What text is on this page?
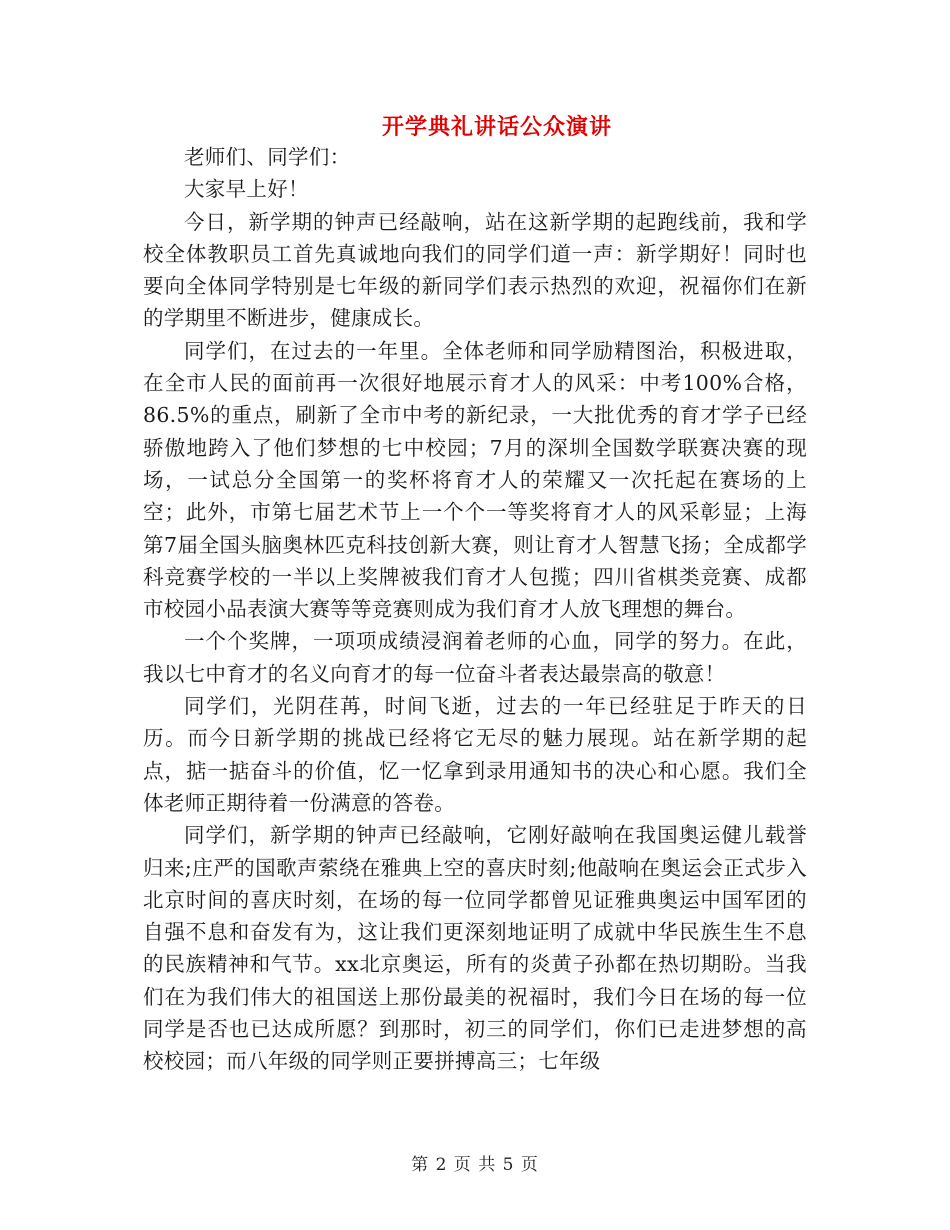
开学典礼讲话公众演讲

老师们、同学们：

大家早上好！

今日，新学期的钟声已经敲响，站在这新学期的起跑线前，我和学校全体教职员工首先真诚地向我们的同学们道一声：新学期好！同时也要向全体同学特别是七年级的新同学们表示热烈的欢迎，祝福你们在新的学期里不断进步，健康成长。

同学们，在过去的一年里。全体老师和同学励精图治，积极进取，在全市人民的面前再一次很好地展示育才人的风采：中考100%合格，86.5%的重点，刷新了全市中考的新纪录，一大批优秀的育才学子已经骄傲地跨入了他们梦想的七中校园；7月的深圳全国数学联赛决赛的现场，一试总分全国第一的奖杯将育才人的荣耀又一次托起在赛场的上空；此外，市第七届艺术节上一个个一等奖将育才人的风采彰显；上海第7届全国头脑奥林匹克科技创新大赛，则让育才人智慧飞扬；全成都学科竞赛学校的一半以上奖牌被我们育才人包揽；四川省棋类竞赛、成都市校园小品表演大赛等等竞赛则成为我们育才人放飞理想的舞台。

一个个奖牌，一项项成绩浸润着老师的心血，同学的努力。在此，我以七中育才的名义向育才的每一位奋斗者表达最崇高的敬意！

同学们，光阴荏苒，时间飞逝，过去的一年已经驻足于昨天的日历。而今日新学期的挑战已经将它无尽的魅力展现。站在新学期的起点，掂一掂奋斗的价值，忆一忆拿到录用通知书的决心和心愿。我们全体老师正期待着一份满意的答卷。

同学们，新学期的钟声已经敲响，它刚好敲响在我国奥运健儿载誉归来;庄严的国歌声萦绕在雅典上空的喜庆时刻;他敲响在奥运会正式步入北京时间的喜庆时刻，在场的每一位同学都曾见证雅典奥运中国军团的自强不息和奋发有为，这让我们更深刻地证明了成就中华民族生生不息的民族精神和气节。xx北京奥运，所有的炎黄子孙都在热切期盼。当我们在为我们伟大的祖国送上那份最美的祝福时，我们今日在场的每一位同学是否也已达成所愿？到那时，初三的同学们，你们已走进梦想的高校校园；而八年级的同学则正要拼搏高三；七年级

第 2 页 共 5 页
